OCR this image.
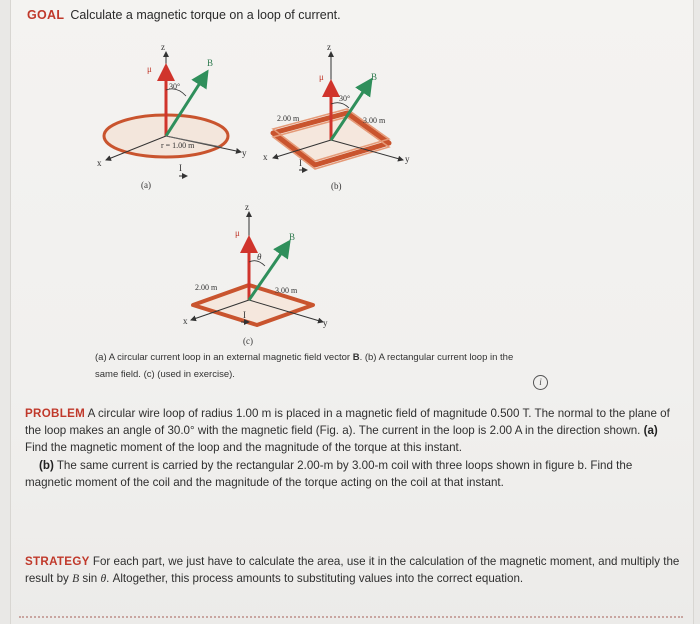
GOAL Calculate a magnetic torque on a loop of current.
z
μ
B
30°
r = 1.00 m
x
y
I
(a)
z
μ	B
30°
2.00 m	3.00 m
x	y
I
(b)
z
μ	B
θ
2.00 m	3.00 m
x	y
I
(c)
(a) A circular current loop in an external magnetic field vector B. (b) A rectangular current loop in the same field. (c) (used in exercise).
i
PROBLEM A circular wire loop of radius 1.00 m is placed in a magnetic field of magnitude 0.500 T. The normal to the plane of the loop makes an angle of 30.0° with the magnetic field (Fig. a). The current in the loop is 2.00 A in the direction shown. (a) Find the magnetic moment of the loop and the magnitude of the torque at this instant.
(b) The same current is carried by the rectangular 2.00-m by 3.00-m coil with three loops shown in figure b. Find the magnetic moment of the coil and the magnitude of the torque acting on the coil at that instant.
STRATEGY For each part, we just have to calculate the area, use it in the calculation of the magnetic moment, and multiply the result by B sin θ. Altogether, this process amounts to substituting values into the correct equation.
